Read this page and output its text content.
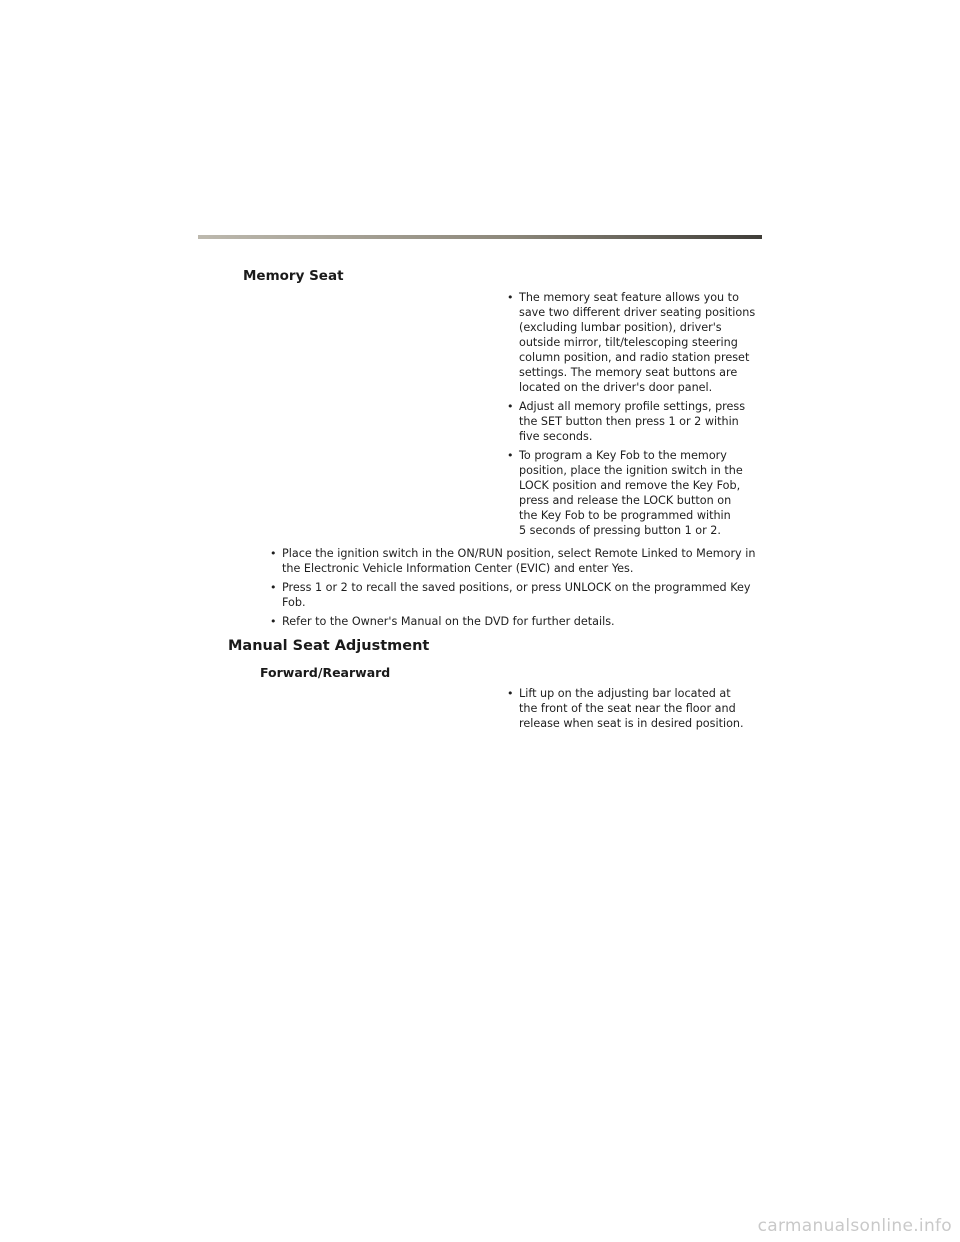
Memory Seat
• The memory seat feature allows you to
save two different driver seating positions
(excluding lumbar position), driver's
outside mirror, tilt/telescoping steering
column position, and radio station preset
settings. The memory seat buttons are
located on the driver's door panel.
• Adjust all memory profile settings, press
the SET button then press 1 or 2 within
five seconds.
• To program a Key Fob to the memory
position, place the ignition switch in the
LOCK position and remove the Key Fob,
press and release the LOCK button on
the Key Fob to be programmed within
5 seconds of pressing button 1 or 2.
• Place the ignition switch in the ON/RUN position, select Remote Linked to Memory in
the Electronic Vehicle Information Center (EVIC) and enter Yes.
• Press 1 or 2 to recall the saved positions, or press UNLOCK on the programmed Key
Fob.
• Refer to the Owner's Manual on the DVD for further details.
Manual Seat Adjustment
Forward/Rearward
• Lift up on the adjusting bar located at
the front of the seat near the floor and
release when seat is in desired position.
carmanualsonline.info
